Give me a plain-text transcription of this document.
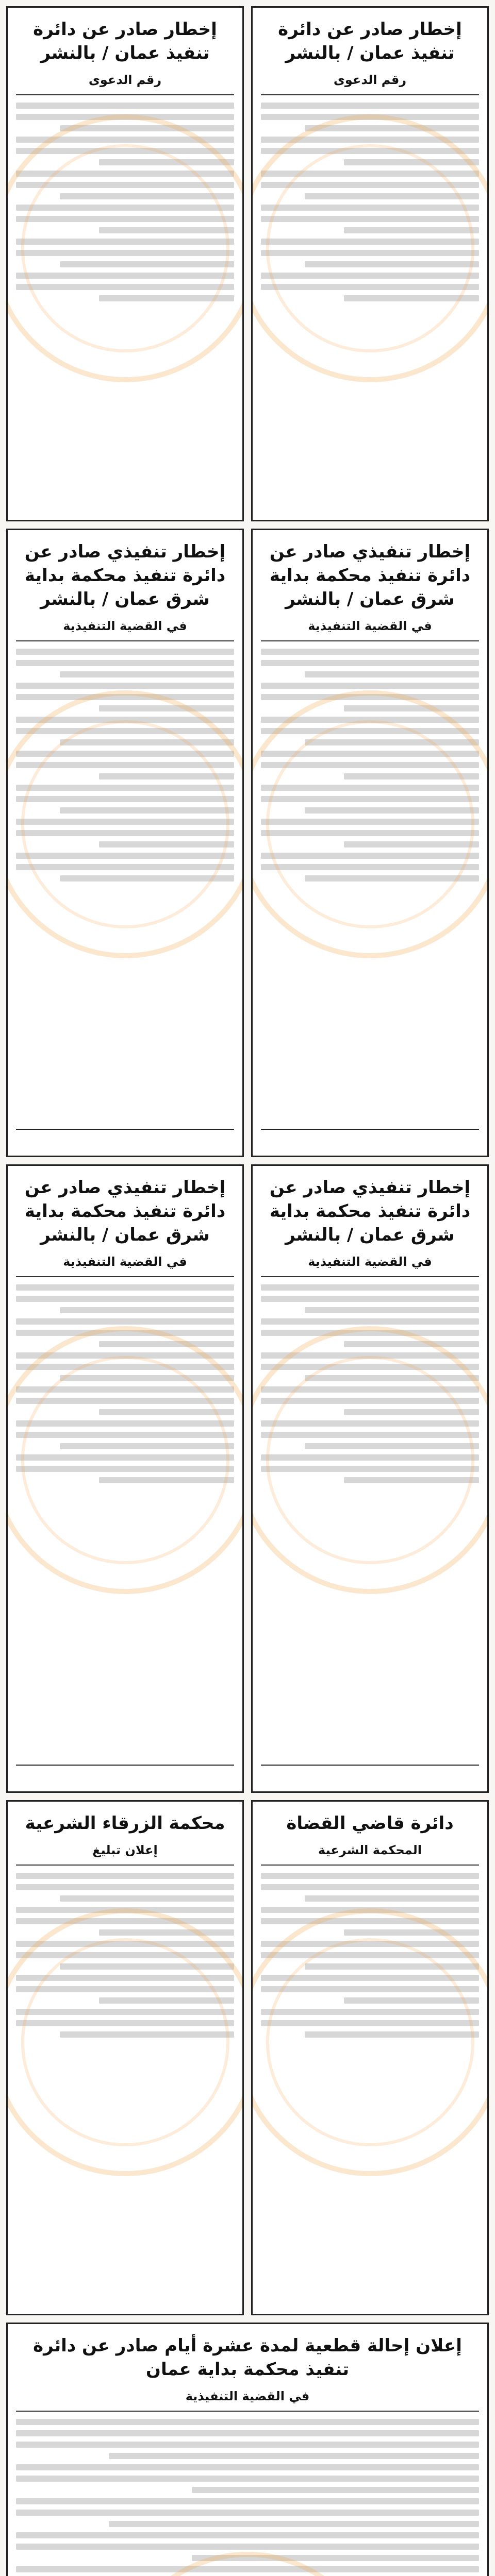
إخطار صادر عن دائرة تنفيذ عمان / بالنشر
رقم الدعوى
إخطار صادر عن دائرة تنفيذ عمان / بالنشر
رقم الدعوى
إخطار تنفيذي صادر عن دائرة تنفيذ محكمة بداية شرق عمان / بالنشر
في القضية التنفيذية
إخطار تنفيذي صادر عن دائرة تنفيذ محكمة بداية شرق عمان / بالنشر
في القضية التنفيذية
إخطار تنفيذي صادر عن دائرة تنفيذ محكمة بداية شرق عمان / بالنشر
في القضية التنفيذية
إخطار تنفيذي صادر عن دائرة تنفيذ محكمة بداية شرق عمان / بالنشر
في القضية التنفيذية
دائرة قاضي القضاة
المحكمة الشرعية
محكمة الزرقاء الشرعية
إعلان تبليغ
إعلان إحالة قطعية لمدة عشرة أيام صادر عن دائرة تنفيذ محكمة بداية عمان
في القضية التنفيذية
